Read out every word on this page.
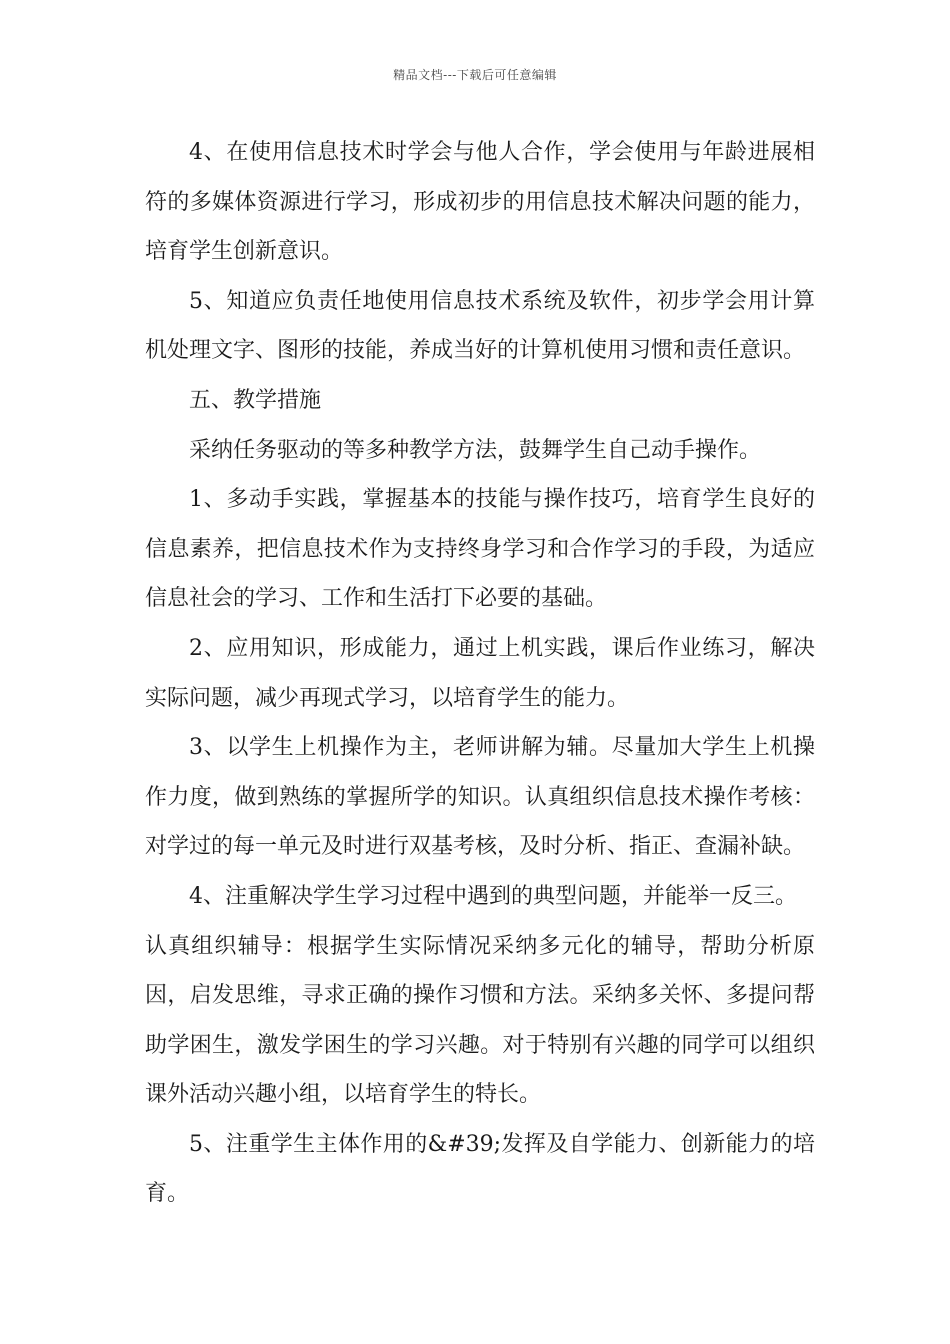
精品文档---下载后可任意编辑

4、在使用信息技术时学会与他人合作，学会使用与年龄进展相符的多媒体资源进行学习，形成初步的用信息技术解决问题的能力，培育学生创新意识。

5、知道应负责任地使用信息技术系统及软件，初步学会用计算机处理文字、图形的技能，养成当好的计算机使用习惯和责任意识。

五、教学措施

采纳任务驱动的等多种教学方法，鼓舞学生自己动手操作。

1、多动手实践，掌握基本的技能与操作技巧，培育学生良好的信息素养，把信息技术作为支持终身学习和合作学习的手段，为适应信息社会的学习、工作和生活打下必要的基础。

2、应用知识，形成能力，通过上机实践，课后作业练习，解决实际问题，减少再现式学习，以培育学生的能力。

3、以学生上机操作为主，老师讲解为辅。尽量加大学生上机操作力度，做到熟练的掌握所学的知识。认真组织信息技术操作考核：对学过的每一单元及时进行双基考核，及时分析、指正、查漏补缺。

4、注重解决学生学习过程中遇到的典型问题，并能举一反三。

认真组织辅导：根据学生实际情况采纳多元化的辅导，帮助分析原因，启发思维，寻求正确的操作习惯和方法。采纳多关怀、多提问帮助学困生，激发学困生的学习兴趣。对于特别有兴趣的同学可以组织课外活动兴趣小组，以培育学生的特长。

5、注重学生主体作用的&#39;发挥及自学能力、创新能力的培育。
